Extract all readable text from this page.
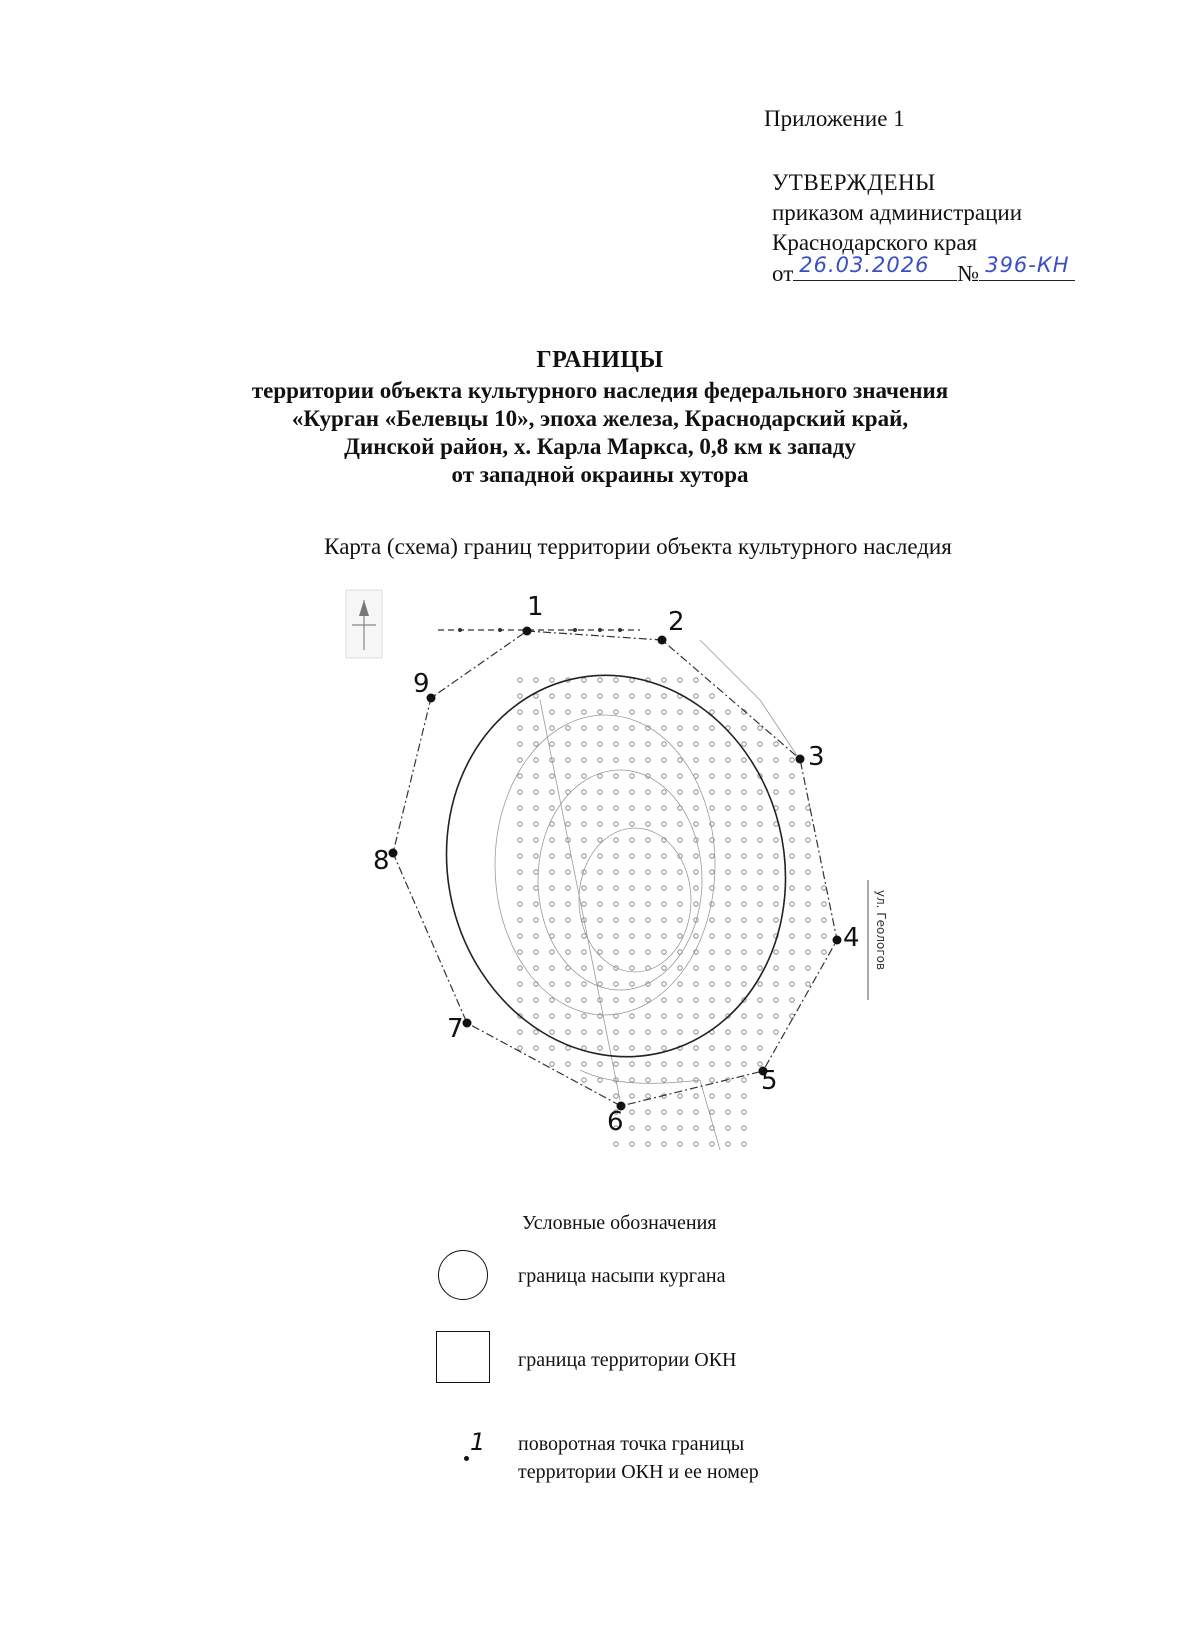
Приложение 1
УТВЕРЖДЕНЫ
приказом администрации
Краснодарского края
от 26.03.2026 № 396-КН
ГРАНИЦЫ
территории объекта культурного наследия федерального значения
«Курган «Белевцы 10», эпоха железа, Краснодарский край,
Динской район, х. Карла Маркса, 0,8 км к западу
от западной окраины хутора
Карта (схема) границ территории объекта культурного наследия
1	2
3
4
5
6
7
8
9
ул. Геологов
Условные обозначения
граница насыпи кургана
граница территории ОКН
1 поворотная точка границы
территории ОКН и ее номер
